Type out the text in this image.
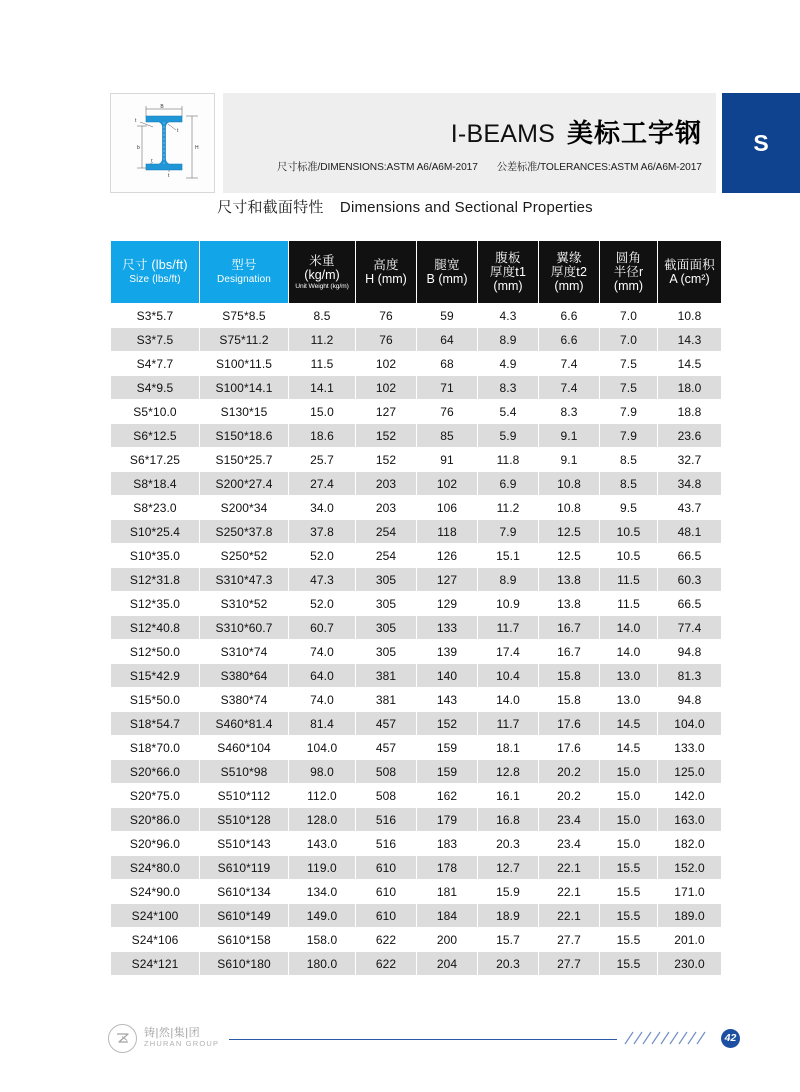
B
H
b
t
t
r
t
I-BEAMS 美标工字钢
尺寸标准/DIMENSIONS:ASTM A6/A6M-2017 公差标准/TOLERANCES:ASTM A6/A6M-2017
S
尺寸和截面特性 Dimensions and Sectional Properties
尺寸 (lbs/ft)
Size (lbs/ft)	型号
Designation	米重
(kg/m)
Unit Weight (kg/m)	高度
H (mm)	腿宽
B (mm)	腹板
厚度t1
(mm)	翼缘
厚度t2
(mm)	圆角
半径r
(mm)	截面面积
A (cm²)

S3*5.7	S75*8.5	8.5	76	59	4.3	6.6	7.0	10.8
S3*7.5	S75*11.2	11.2	76	64	8.9	6.6	7.0	14.3
S4*7.7	S100*11.5	11.5	102	68	4.9	7.4	7.5	14.5
S4*9.5	S100*14.1	14.1	102	71	8.3	7.4	7.5	18.0
S5*10.0	S130*15	15.0	127	76	5.4	8.3	7.9	18.8
S6*12.5	S150*18.6	18.6	152	85	5.9	9.1	7.9	23.6
S6*17.25	S150*25.7	25.7	152	91	11.8	9.1	8.5	32.7
S8*18.4	S200*27.4	27.4	203	102	6.9	10.8	8.5	34.8
S8*23.0	S200*34	34.0	203	106	11.2	10.8	9.5	43.7
S10*25.4	S250*37.8	37.8	254	118	7.9	12.5	10.5	48.1
S10*35.0	S250*52	52.0	254	126	15.1	12.5	10.5	66.5
S12*31.8	S310*47.3	47.3	305	127	8.9	13.8	11.5	60.3
S12*35.0	S310*52	52.0	305	129	10.9	13.8	11.5	66.5
S12*40.8	S310*60.7	60.7	305	133	11.7	16.7	14.0	77.4
S12*50.0	S310*74	74.0	305	139	17.4	16.7	14.0	94.8
S15*42.9	S380*64	64.0	381	140	10.4	15.8	13.0	81.3
S15*50.0	S380*74	74.0	381	143	14.0	15.8	13.0	94.8
S18*54.7	S460*81.4	81.4	457	152	11.7	17.6	14.5	104.0
S18*70.0	S460*104	104.0	457	159	18.1	17.6	14.5	133.0
S20*66.0	S510*98	98.0	508	159	12.8	20.2	15.0	125.0
S20*75.0	S510*112	112.0	508	162	16.1	20.2	15.0	142.0
S20*86.0	S510*128	128.0	516	179	16.8	23.4	15.0	163.0
S20*96.0	S510*143	143.0	516	183	20.3	23.4	15.0	182.0
S24*80.0	S610*119	119.0	610	178	12.7	22.1	15.5	152.0
S24*90.0	S610*134	134.0	610	181	15.9	22.1	15.5	171.0
S24*100	S610*149	149.0	610	184	18.9	22.1	15.5	189.0
S24*106	S610*158	158.0	622	200	15.7	27.7	15.5	201.0
S24*121	S610*180	180.0	622	204	20.3	27.7	15.5	230.0
铸|然|集|团
ZHURAN GROUP	42
